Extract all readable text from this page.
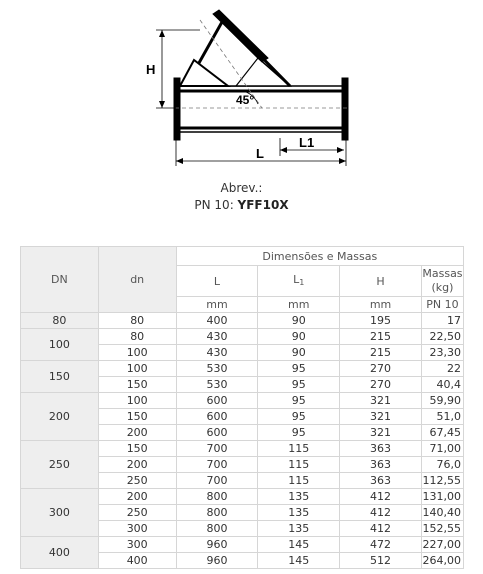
H
45°
L1
L
Abrev.:
PN 10: YFF10X
DN	dn	Dimensões e Massas			
		L	$L_1$	H	Massas
(kg)
		mm	mm	mm	PN 10
80	80	400	90	195	17
100	80	430	90	215	22,50
	100	430	90	215	23,30
150	100	530	95	270	22
	150	530	95	270	40,4
200	100	600	95	321	59,90
	150	600	95	321	51,0
	200	600	95	321	67,45
250	150	700	115	363	71,00
	200	700	115	363	76,0
	250	700	115	363	112,55
300	200	800	135	412	131,00
	250	800	135	412	140,40
	300	800	135	412	152,55
400	300	960	145	472	227,00
	400	960	145	512	264,00
